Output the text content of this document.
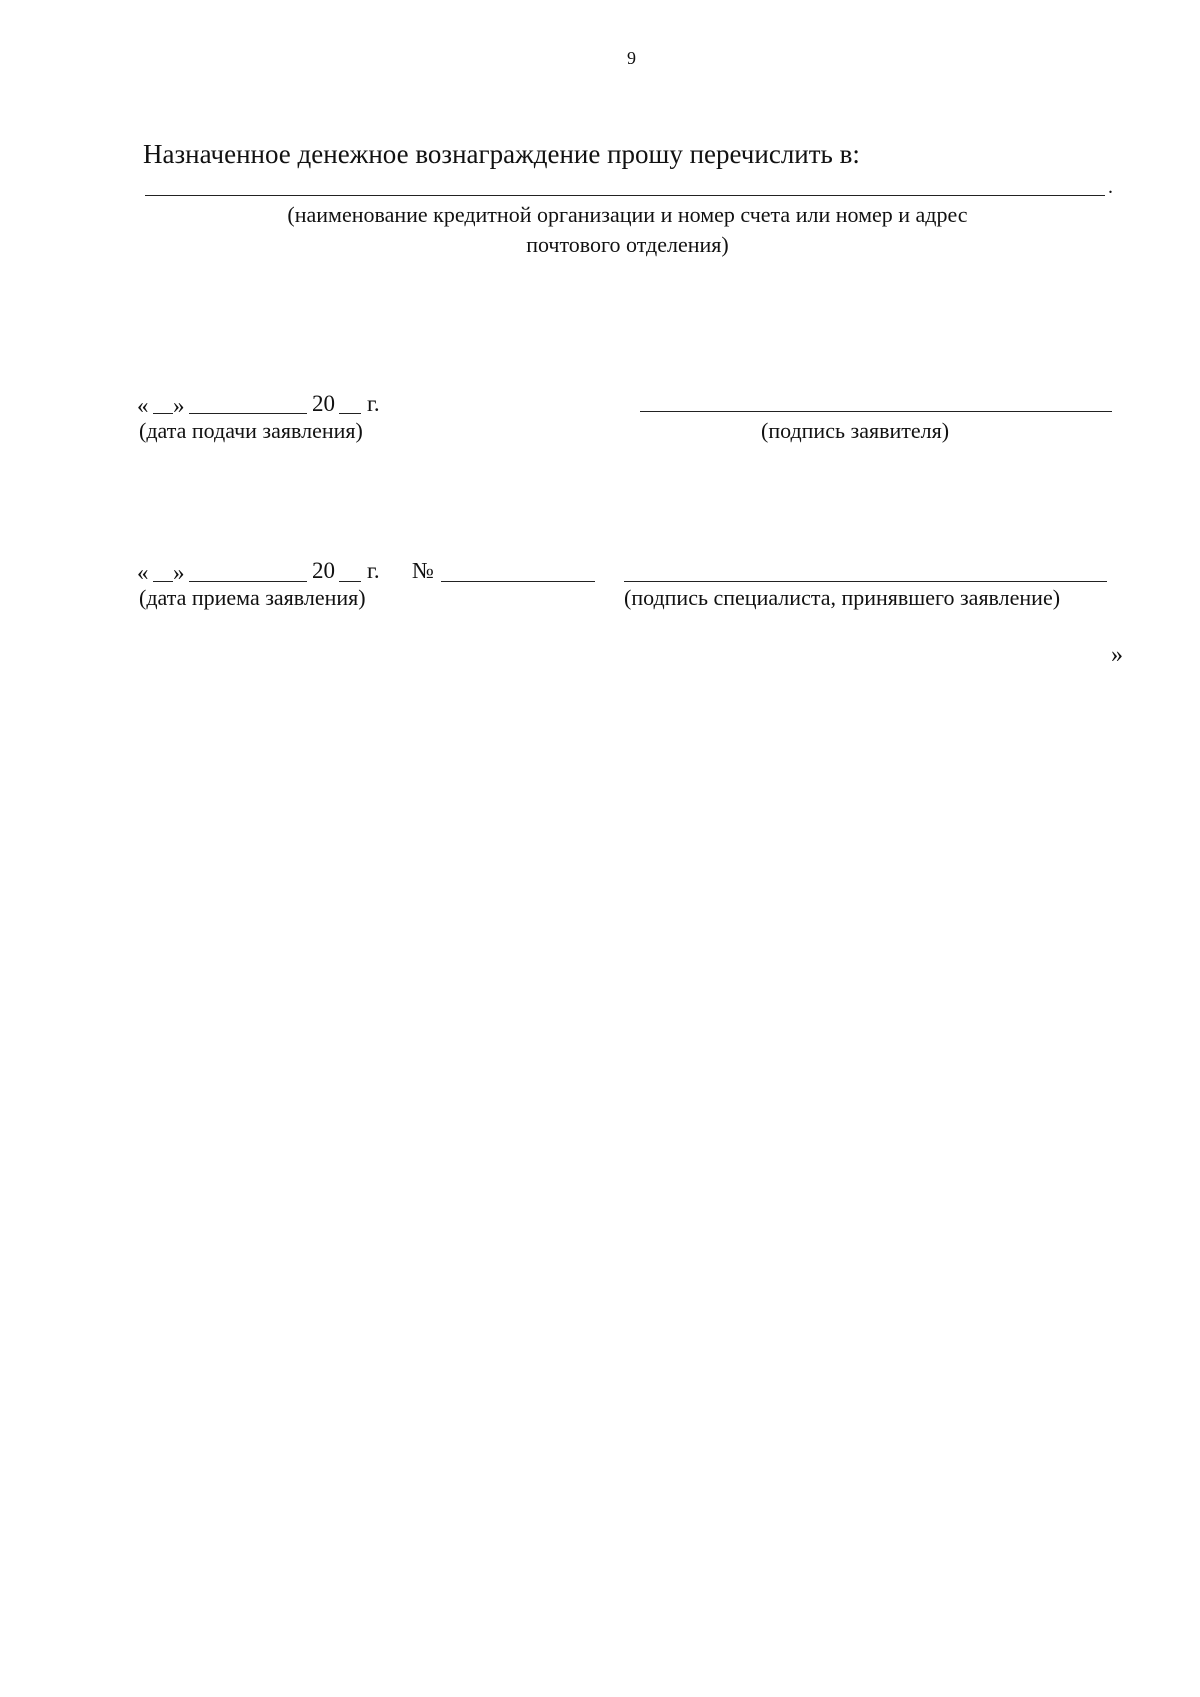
9
Назначенное денежное вознаграждение прошу перечислить в:
.
(наименование кредитной организации и номер счета или номер и адрес
почтового отделения)
« »	20 г.
(дата подачи заявления)	(подпись заявителя)
« »	20 г. №
(дата приема заявления)	(подпись специалиста, принявшего заявление)
»
